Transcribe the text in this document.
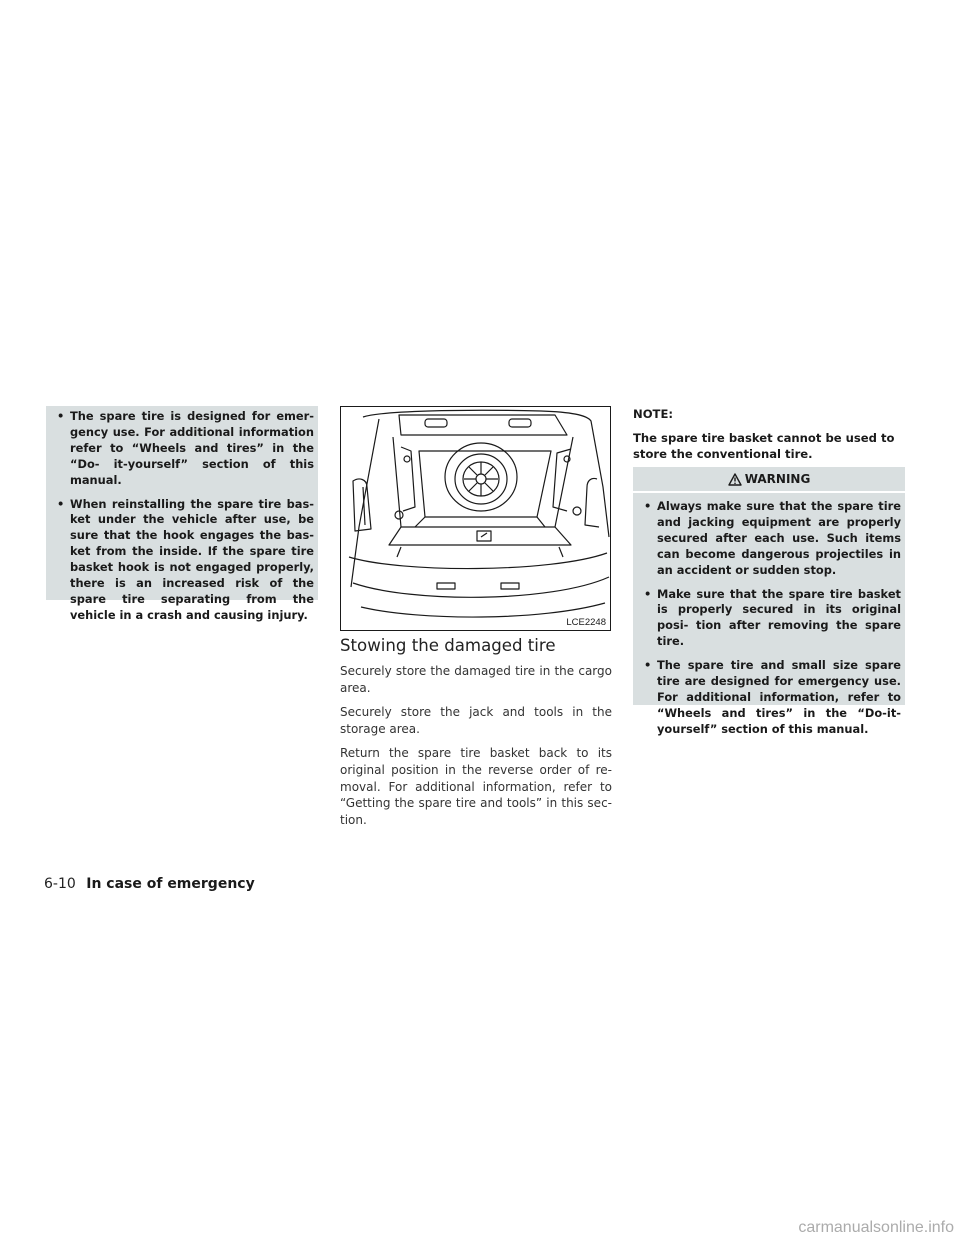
• The spare tire is designed for emer- gency use. For additional information refer to “Wheels and tires” in the “Do- it-yourself” section of this manual.
• When reinstalling the spare tire bas- ket under the vehicle after use, be sure that the hook engages the bas- ket from the inside. If the spare tire basket hook is not engaged properly, there is an increased risk of the spare tire separating from the vehicle in a crash and causing injury.
LCE2248
Stowing the damaged tire

Securely store the damaged tire in the cargo area.

Securely store the jack and tools in the storage area.

Return the spare tire basket back to its original position in the reverse order of re- moval. For additional information, refer to “Getting the spare tire and tools” in this sec- tion.

NOTE:

The spare tire basket cannot be used to store the conventional tire.

WARNING
• Always make sure that the spare tire and jacking equipment are properly secured after each use. Such items can become dangerous projectiles in an accident or sudden stop.
• Make sure that the spare tire basket is properly secured in its original posi- tion after removing the spare tire.
• The spare tire and small size spare tire are designed for emergency use. For additional information, refer to “Wheels and tires” in the “Do-it- yourself” section of this manual.
6-10 In case of emergency
carmanualsonline.info
